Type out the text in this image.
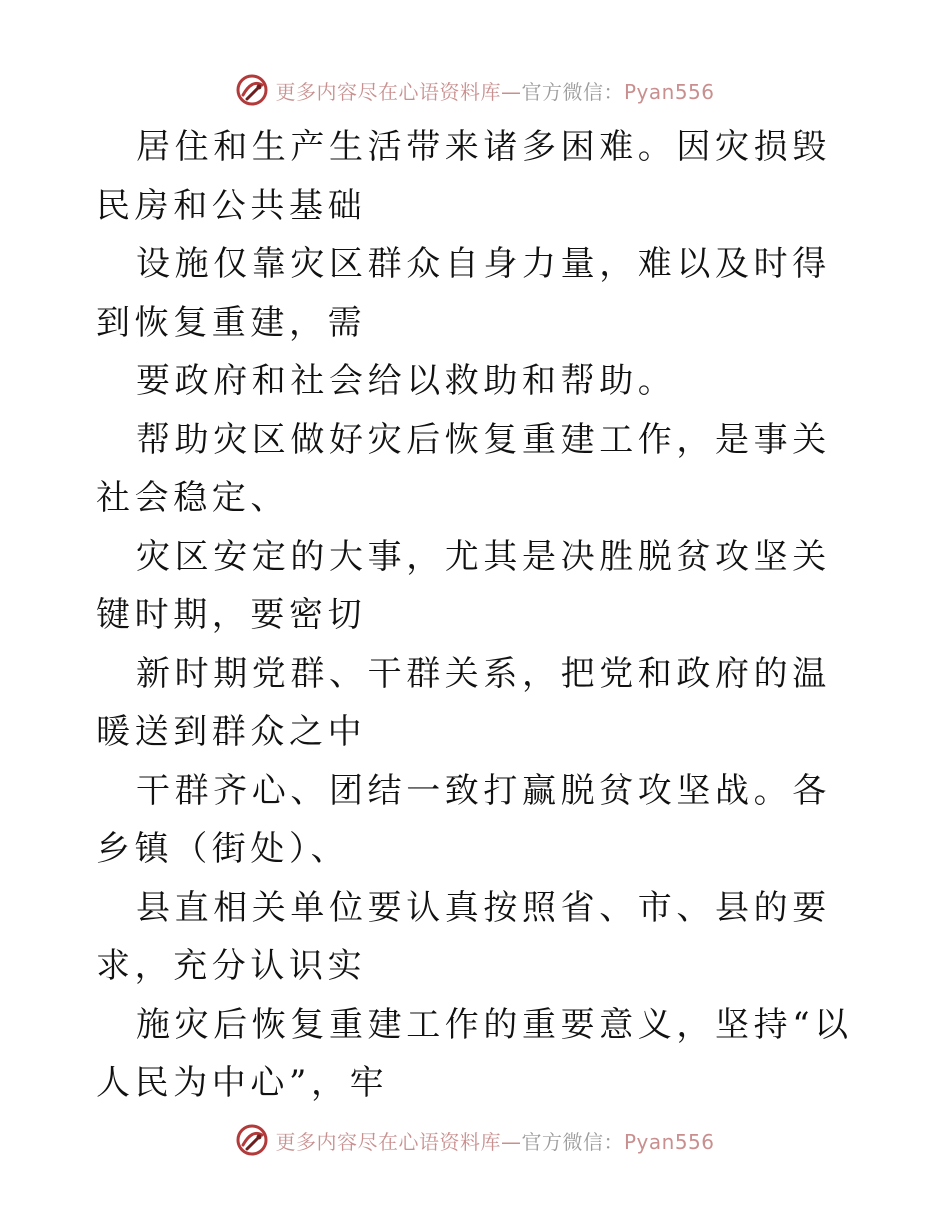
更多内容尽在心语资料库—官方微信：Pyan556

居住和生产生活带来诸多困难。因灾损毁民房和公共基础

设施仅靠灾区群众自身力量，难以及时得到恢复重建，需

要政府和社会给以救助和帮助。

帮助灾区做好灾后恢复重建工作，是事关社会稳定、

灾区安定的大事，尤其是决胜脱贫攻坚关键时期，要密切

新时期党群、干群关系，把党和政府的温暖送到群众之中

干群齐心、团结一致打赢脱贫攻坚战。各乡镇（街处）、

县直相关单位要认真按照省、市、县的要求，充分认识实

施灾后恢复重建工作的重要意义，坚持“以人民为中心”，牢

更多内容尽在心语资料库—官方微信：Pyan556
